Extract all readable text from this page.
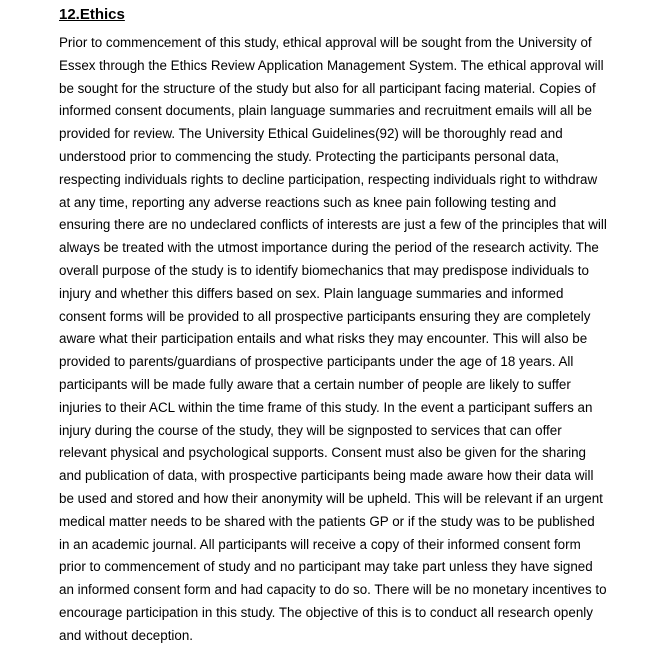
12.Ethics
Prior to commencement of this study, ethical approval will be sought from the University of
Essex through the Ethics Review Application Management System. The ethical approval will
be sought for the structure of the study but also for all participant facing material. Copies of
informed consent documents, plain language summaries and recruitment emails will all be
provided for review. The University Ethical Guidelines(92) will be thoroughly read and
understood prior to commencing the study. Protecting the participants personal data,
respecting individuals rights to decline participation, respecting individuals right to withdraw
at any time, reporting any adverse reactions such as knee pain following testing and
ensuring there are no undeclared conflicts of interests are just a few of the principles that will
always be treated with the utmost importance during the period of the research activity. The
overall purpose of the study is to identify biomechanics that may predispose individuals to
injury and whether this differs based on sex. Plain language summaries and informed
consent forms will be provided to all prospective participants ensuring they are completely
aware what their participation entails and what risks they may encounter. This will also be
provided to parents/guardians of prospective participants under the age of 18 years. All
participants will be made fully aware that a certain number of people are likely to suffer
injuries to their ACL within the time frame of this study. In the event a participant suffers an
injury during the course of the study, they will be signposted to services that can offer
relevant physical and psychological supports. Consent must also be given for the sharing
and publication of data, with prospective participants being made aware how their data will
be used and stored and how their anonymity will be upheld. This will be relevant if an urgent
medical matter needs to be shared with the patients GP or if the study was to be published
in an academic journal. All participants will receive a copy of their informed consent form
prior to commencement of study and no participant may take part unless they have signed
an informed consent form and had capacity to do so. There will be no monetary incentives to
encourage participation in this study. The objective of this is to conduct all research openly
and without deception.
